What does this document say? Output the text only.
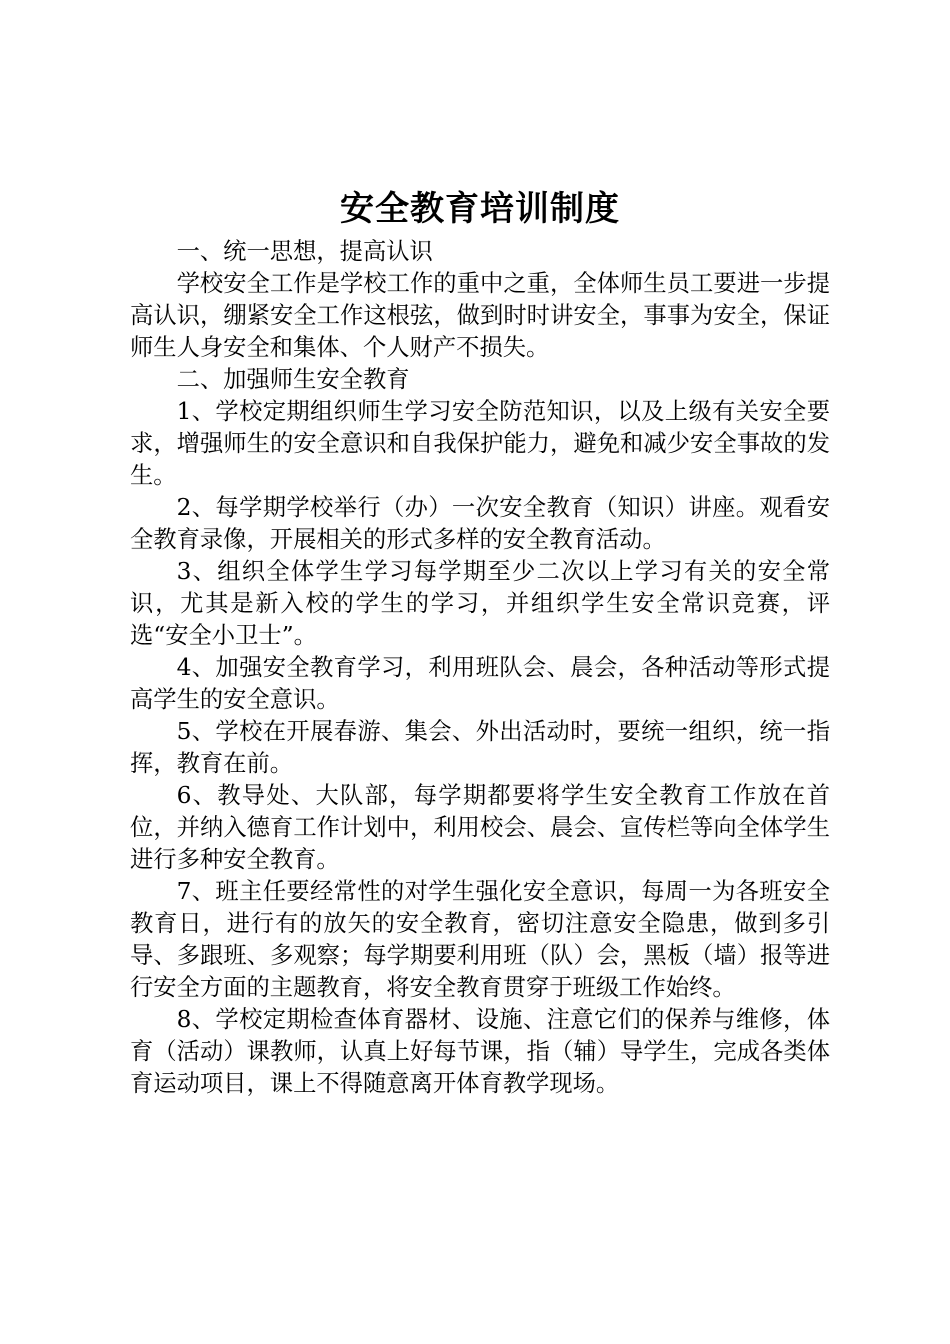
安全教育培训制度

一、统一思想，提高认识

学校安全工作是学校工作的重中之重，全体师生员工要进一步提高认识，绷紧安全工作这根弦，做到时时讲安全，事事为安全，保证师生人身安全和集体、个人财产不损失。

二、加强师生安全教育

1、学校定期组织师生学习安全防范知识，以及上级有关安全要求，增强师生的安全意识和自我保护能力，避免和减少安全事故的发生。

2、每学期学校举行（办）一次安全教育（知识）讲座。观看安全教育录像，开展相关的形式多样的安全教育活动。

3、组织全体学生学习每学期至少二次以上学习有关的安全常识，尤其是新入校的学生的学习，并组织学生安全常识竞赛，评选“安全小卫士”。

4、加强安全教育学习，利用班队会、晨会，各种活动等形式提高学生的安全意识。

5、学校在开展春游、集会、外出活动时，要统一组织，统一指挥，教育在前。

6、教导处、大队部，每学期都要将学生安全教育工作放在首位，并纳入德育工作计划中，利用校会、晨会、宣传栏等向全体学生进行多种安全教育。

7、班主任要经常性的对学生强化安全意识，每周一为各班安全教育日，进行有的放矢的安全教育，密切注意安全隐患，做到多引导、多跟班、多观察；每学期要利用班（队）会，黑板（墙）报等进行安全方面的主题教育，将安全教育贯穿于班级工作始终。

8、学校定期检查体育器材、设施、注意它们的保养与维修，体育（活动）课教师，认真上好每节课，指（辅）导学生，完成各类体育运动项目，课上不得随意离开体育教学现场。
